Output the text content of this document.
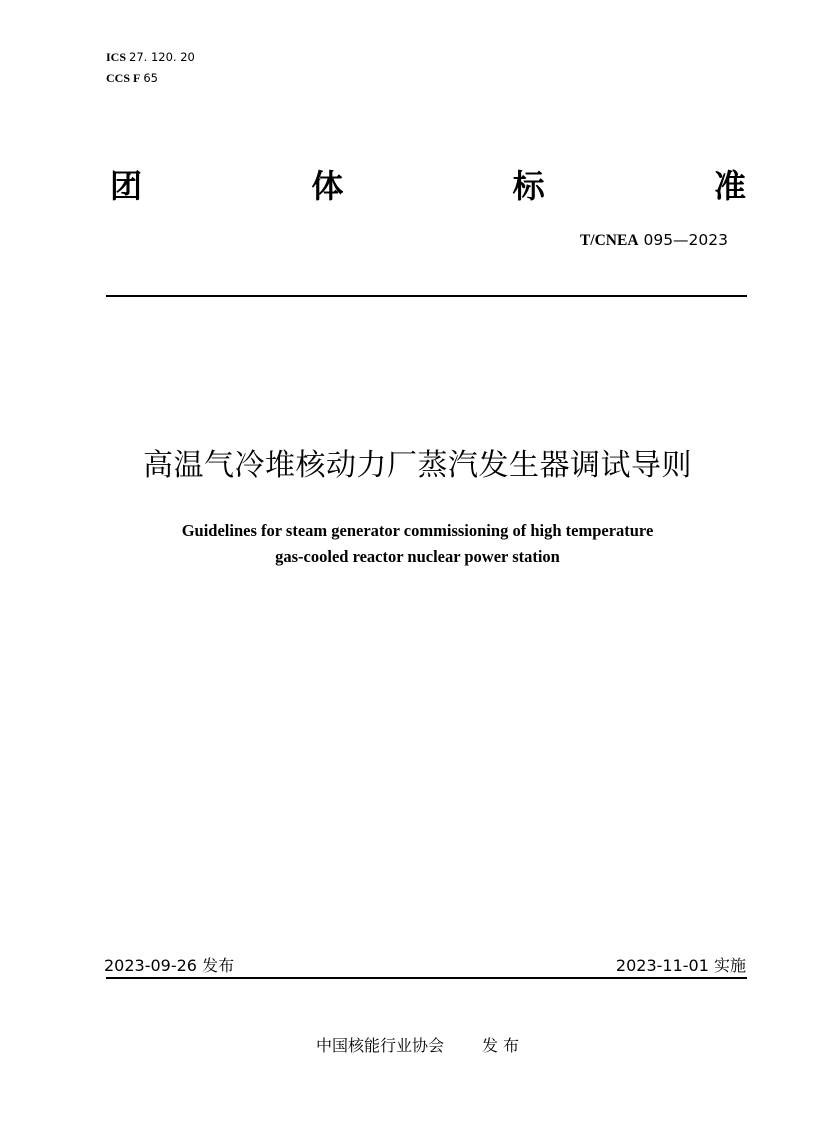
ICS 27. 120. 20
CCS F 65
团	体	标	准
T/CNEA 095—2023
高温气冷堆核动力厂蒸汽发生器调试导则
Guidelines for steam generator commissioning of high temperature
gas-cooled reactor nuclear power station
2023-09-26 发布	2023-11-01 实施
中国核能行业协会 发 布
